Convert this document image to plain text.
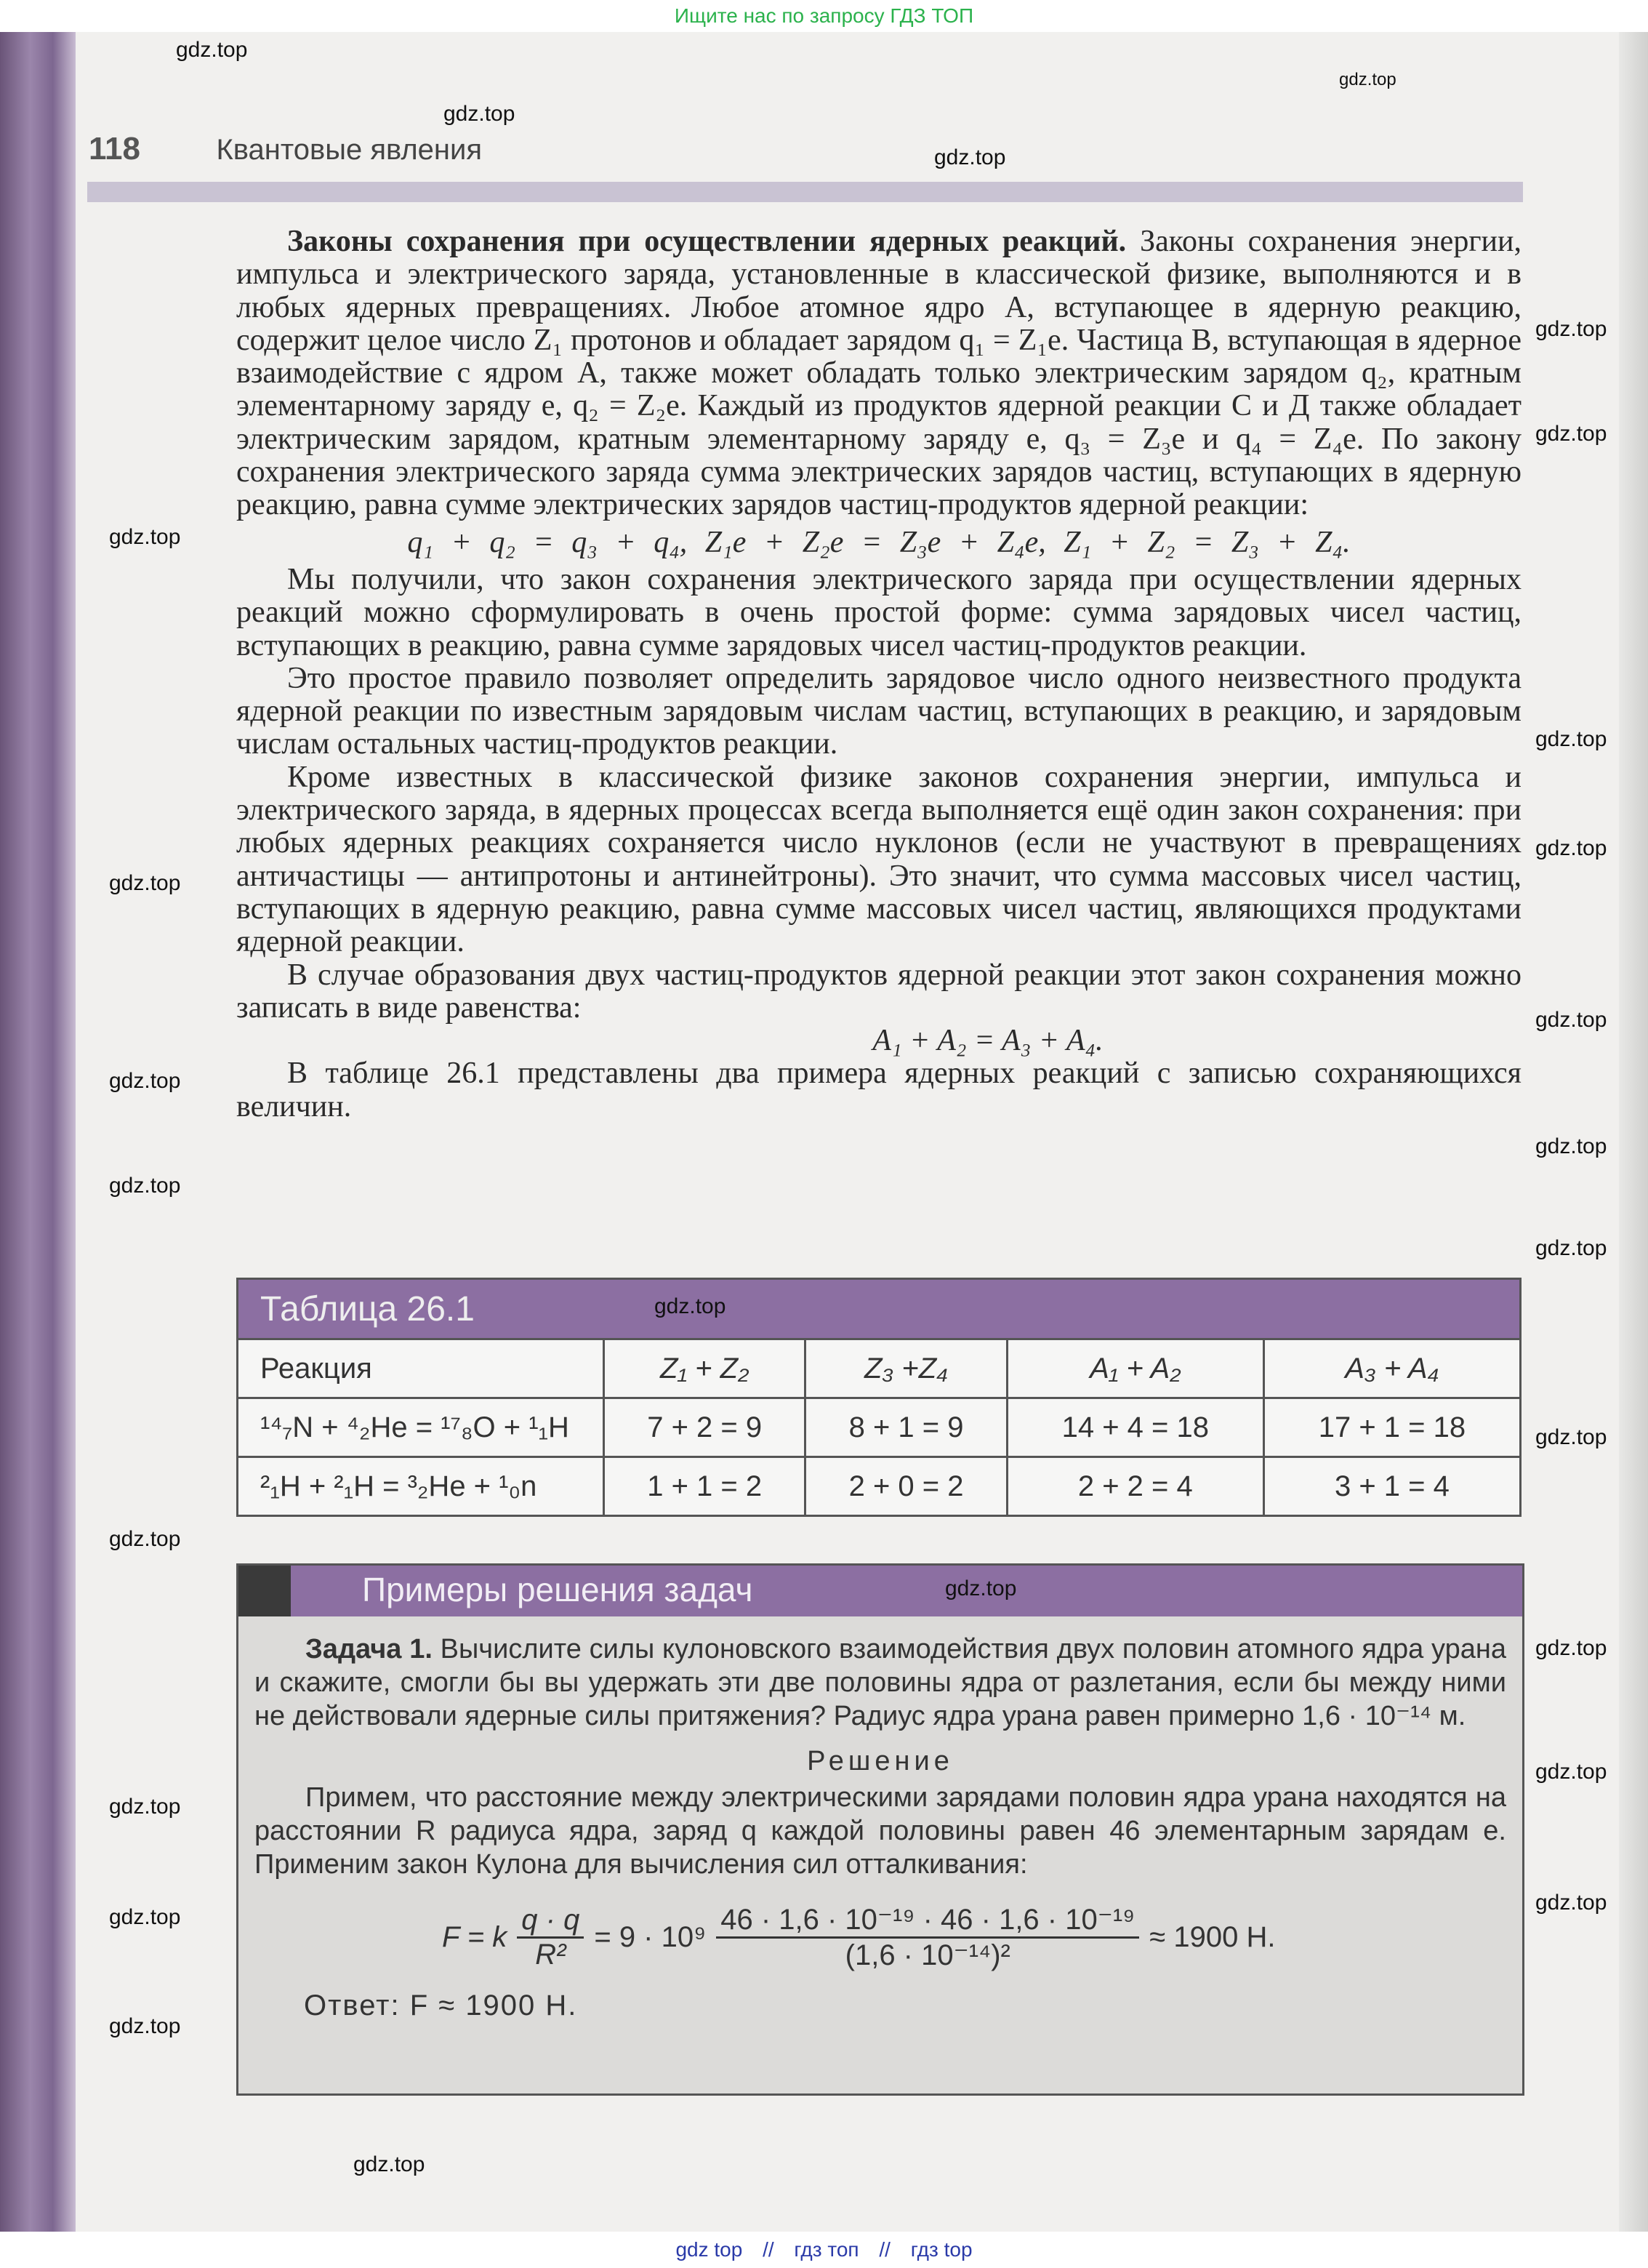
Ищите нас по запросу ГДЗ ТОП
118	Квантовые явления

Законы сохранения при осуществлении ядерных реакций. Законы сохранения энергии, импульса и электрического заряда, установленные в классической физике, выполняются и в любых ядерных превращениях. Любое атомное ядро A, вступающее в ядерную реакцию, содержит целое число Z₁ протонов и обладает зарядом q₁ = Z₁e. Частица B, вступающая в ядерное взаимодействие с ядром A, также может обладать только электрическим зарядом q₂, кратным элементарному заряду e, q₂ = Z₂e. Каждый из продуктов ядерной реакции C и Д также обладает электрическим зарядом, кратным элементарному заряду e, q₃ = Z₃e и q₄ = Z₄e. По закону сохранения электрического заряда сумма электрических зарядов частиц, вступающих в ядерную реакцию, равна сумме электрических зарядов частиц-продуктов ядерной реакции:

q₁ + q₂ = q₃ + q₄, Z₁e + Z₂e = Z₃e + Z₄e, Z₁ + Z₂ = Z₃ + Z₄.

Мы получили, что закон сохранения электрического заряда при осуществлении ядерных реакций можно сформулировать в очень простой форме: сумма зарядовых чисел частиц, вступающих в реакцию, равна сумме зарядовых чисел частиц-продуктов реакции.

Это простое правило позволяет определить зарядовое число одного неизвестного продукта ядерной реакции по известным зарядовым числам частиц, вступающих в реакцию, и зарядовым числам остальных частиц-продуктов реакции.

Кроме известных в классической физике законов сохранения энергии, импульса и электрического заряда, в ядерных процессах всегда выполняется ещё один закон сохранения: при любых ядерных реакциях сохраняется число нуклонов (если не участвуют в превращениях античастицы — антипротоны и антинейтроны). Это значит, что сумма массовых чисел частиц, вступающих в ядерную реакцию, равна сумме массовых чисел частиц, являющихся продуктами ядерной реакции.

В случае образования двух частиц-продуктов ядерной реакции этот закон сохранения можно записать в виде равенства:

A₁ + A₂ = A₃ + A₄.

В таблице 26.1 представлены два примера ядерных реакций с записью сохраняющихся величин.

Таблица 26.1				
Реакция	Z₁ + Z₂	Z₃ +Z₄	A₁ + A₂	A₃ + A₄
¹⁴₇N + ⁴₂He = ¹⁷₈O + ¹₁H	7 + 2 = 9	8 + 1 = 9	14 + 4 = 18	17 + 1 = 18
²₁H + ²₁H = ³₂He + ¹₀n	1 + 1 = 2	2 + 0 = 2	2 + 2 = 4	3 + 1 = 4
Примеры решения задач

Задача 1. Вычислите силы кулоновского взаимодействия двух половин атомного ядра урана и скажите, смогли бы вы удержать эти две половины ядра от разлетания, если бы между ними не действовали ядерные силы притяжения? Радиус ядра урана равен примерно 1,6 · 10⁻¹⁴ м.

Решение

Примем, что расстояние между электрическими зарядами половин ядра урана находятся на расстоянии R радиуса ядра, заряд q каждой половины равен 46 элементарным зарядам e. Применим закон Кулона для вычисления сил отталкивания:

F = k $\frac{q \cdot q}{\text{R²}} = 9 \cdot 10^9 \frac{\text{46 · 1,6 · 10⁻¹⁹ · 46 · 1,6 · 10⁻¹⁹}}{\text{(1,6 · 10⁻¹⁴)²}} \approx 1900$ Н.
Ответ: F ≈ 1900 Н.
gdz.top
gdz.top
gdz.top
gdz.top
gdz.top
gdz.top
gdz.top
gdz.top
gdz.top
gdz.top
gdz.top
gdz.top
gdz.top
gdz.top
gdz.top
gdz.top
gdz.top
gdz.top
gdz.top
gdz.top
gdz.top
gdz.top
gdz.top
gdz.top
gdz.top
gdz.top
gdz top // гдз топ // гдз top
